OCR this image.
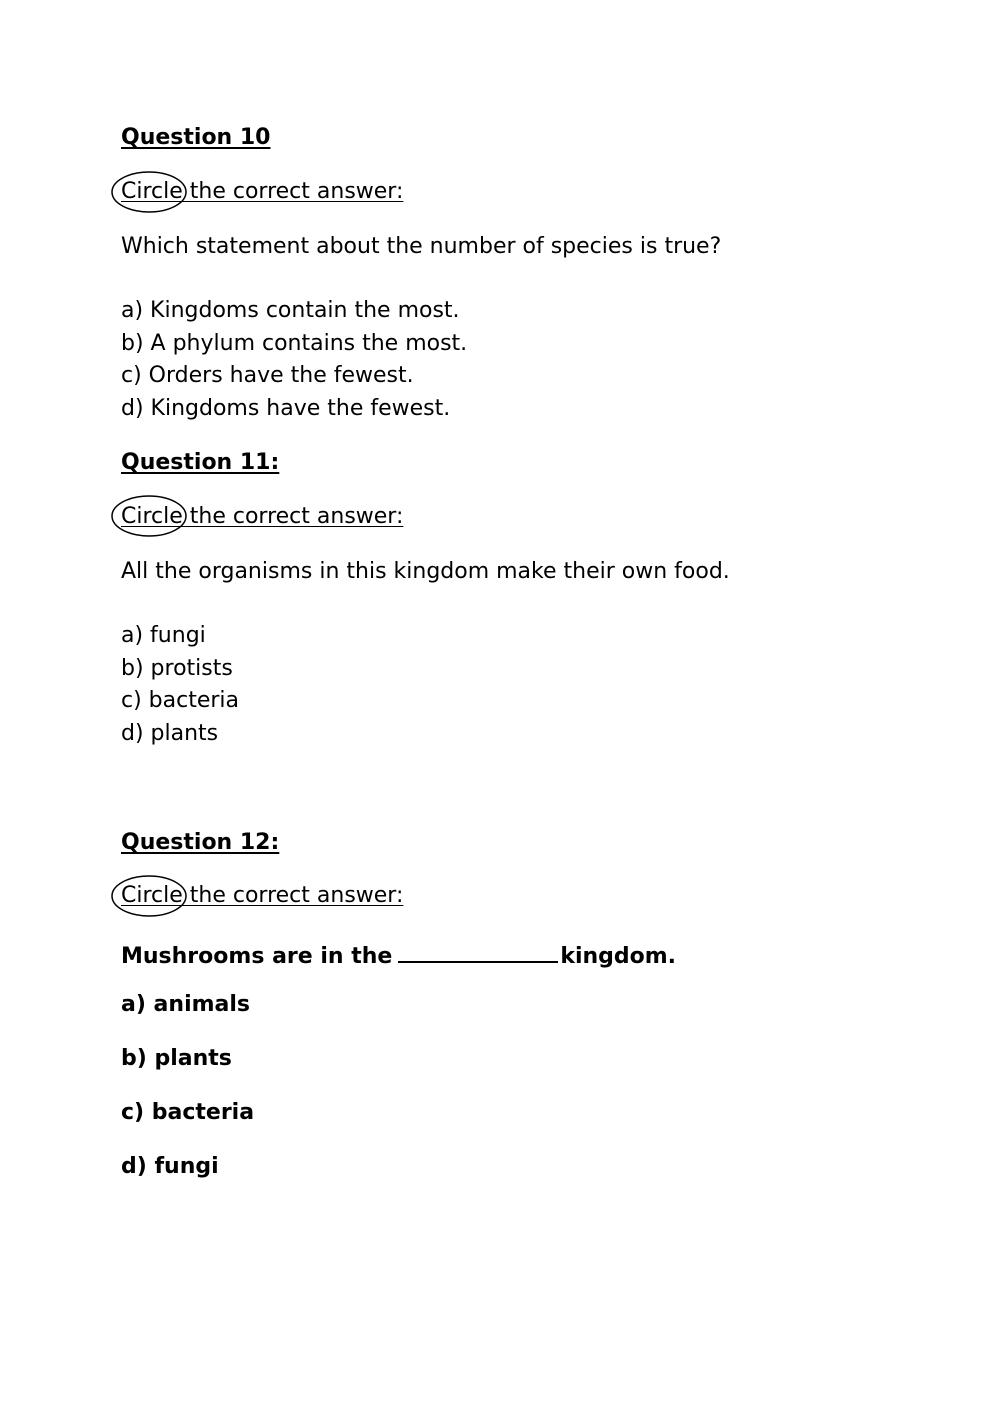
Question 10

Circle the correct answer:

Which statement about the number of species is true?

a) Kingdoms contain the most.

b) A phylum contains the most.

c) Orders have the fewest.

d) Kingdoms have the fewest.

Question 11:

Circle the correct answer:

All the organisms in this kingdom make their own food.

a) fungi

b) protists

c) bacteria

d) plants

Question 12:

Circle the correct answer:

Mushrooms are in the	kingdom.

a) animals

b) plants

c) bacteria

d) fungi
